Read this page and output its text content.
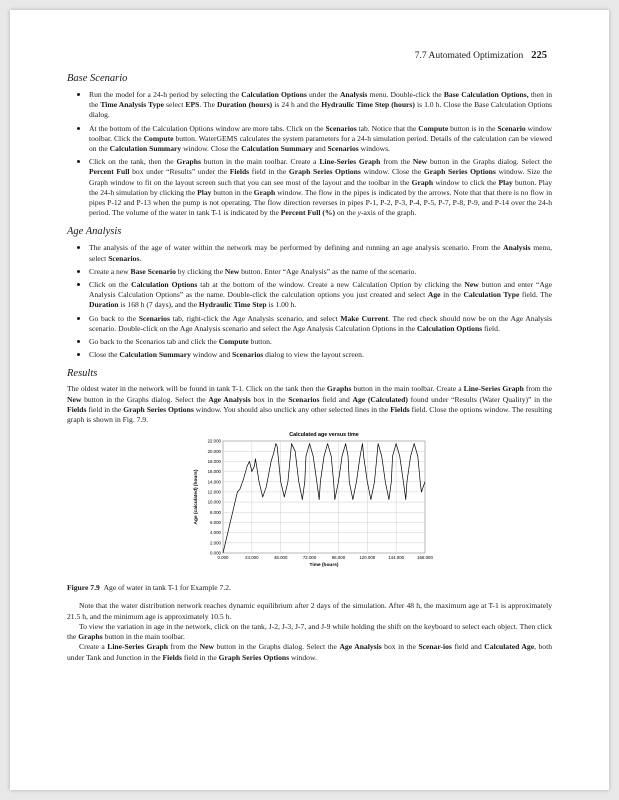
7.7 Automated Optimization 225
Base Scenario
• Run the model for a 24-h period by selecting the Calculation Options under the Analysis menu. Double-click the Base Calculation Options, then in the Time Analysis Type select EPS. The Duration (hours) is 24 h and the Hydraulic Time Step (hours) is 1.0 h. Close the Base Calculation Options dialog.
• At the bottom of the Calculation Options window are more tabs. Click on the Scenarios tab. Notice that the Compute button is in the Scenario window toolbar. Click the Compute button. WaterGEMS calculates the system parameters for a 24-h simulation period. Details of the calculation can be viewed on the Calculation Summary window. Close the Calculation Summary and Scenarios windows.
• Click on the tank, then the Graphs button in the main toolbar. Create a Line-Series Graph from the New button in the Graphs dialog. Select the Percent Full box under “Results” under the Fields field in the Graph Series Options window. Close the Graph Series Options window. Size the Graph window to fit on the layout screen such that you can see most of the layout and the toolbar in the Graph window to click the Play button. Play the 24-h simulation by clicking the Play button in the Graph window. The flow in the pipes is indicated by the arrows. Note that that there is no flow in pipes P-12 and P-13 when the pump is not operating. The flow direction reverses in pipes P-1, P-2, P-3, P-4, P-5, P-7, P-8, P-9, and P-14 over the 24-h period. The volume of the water in tank T-1 is indicated by the Percent Full (%) on the y-axis of the graph.
Age Analysis
• The analysis of the age of water within the network may be performed by defining and running an age analysis scenario. From the Analysis menu, select Scenarios.
• Create a new Base Scenario by clicking the New button. Enter “Age Analysis” as the name of the scenario.
• Click on the Calculation Options tab at the bottom of the window. Create a new Calculation Option by clicking the New button and enter “Age Analysis Calculation Options” as the name. Double-click the calculation options you just created and select Age in the Calculation Type field. The Duration is 168 h (7 days), and the Hydraulic Time Step is 1.00 h.
• Go back to the Scenarios tab, right-click the Age Analysis scenario, and select Make Current. The red check should now be on the Age Analysis scenario. Double-click on the Age Analysis scenario and select the Age Analysis Calculation Options in the Calculation Options field.
• Go back to the Scenarios tab and click the Compute button.
• Close the Calculation Summary window and Scenarios dialog to view the layout screen.
Results

The oldest water in the network will be found in tank T-1. Click on the tank then the Graphs button in the main toolbar. Create a Line-Series Graph from the New button in the Graphs dialog. Select the Age Analysis box in the Scenarios field and Age (Calculated) found under “Results (Water Quality)” in the Fields field in the Graph Series Options window. You should also unclick any other selected lines in the Fields field. Close the options window. The resulting graph is shown in Fig. 7.9.

Calculated age versus time
0.000
2.000
4.000
6.000
8.000
10.000
12.000
14.000
16.000
18.000
20.000
22.000
0.000	24.000	48.000	72.000	96.000	120.000	144.000	168.000
Time (hours)
Age (calculated) (hours)
Figure 7.9 Age of water in tank T-1 for Example 7.2.

Note that the water distribution network reaches dynamic equilibrium after 2 days of the simulation. After 48 h, the maximum age at T-1 is approximately 21.5 h, and the minimum age is approximately 10.5 h.

To view the variation in age in the network, click on the tank, J-2, J-3, J-7, and J-9 while holding the shift on the keyboard to select each object. Then click the Graphs button in the main toolbar.

Create a Line-Series Graph from the New button in the Graphs dialog. Select the Age Analysis box in the Scenar-ios field and Calculated Age, both under Tank and Junction in the Fields field in the Graph Series Options window.
